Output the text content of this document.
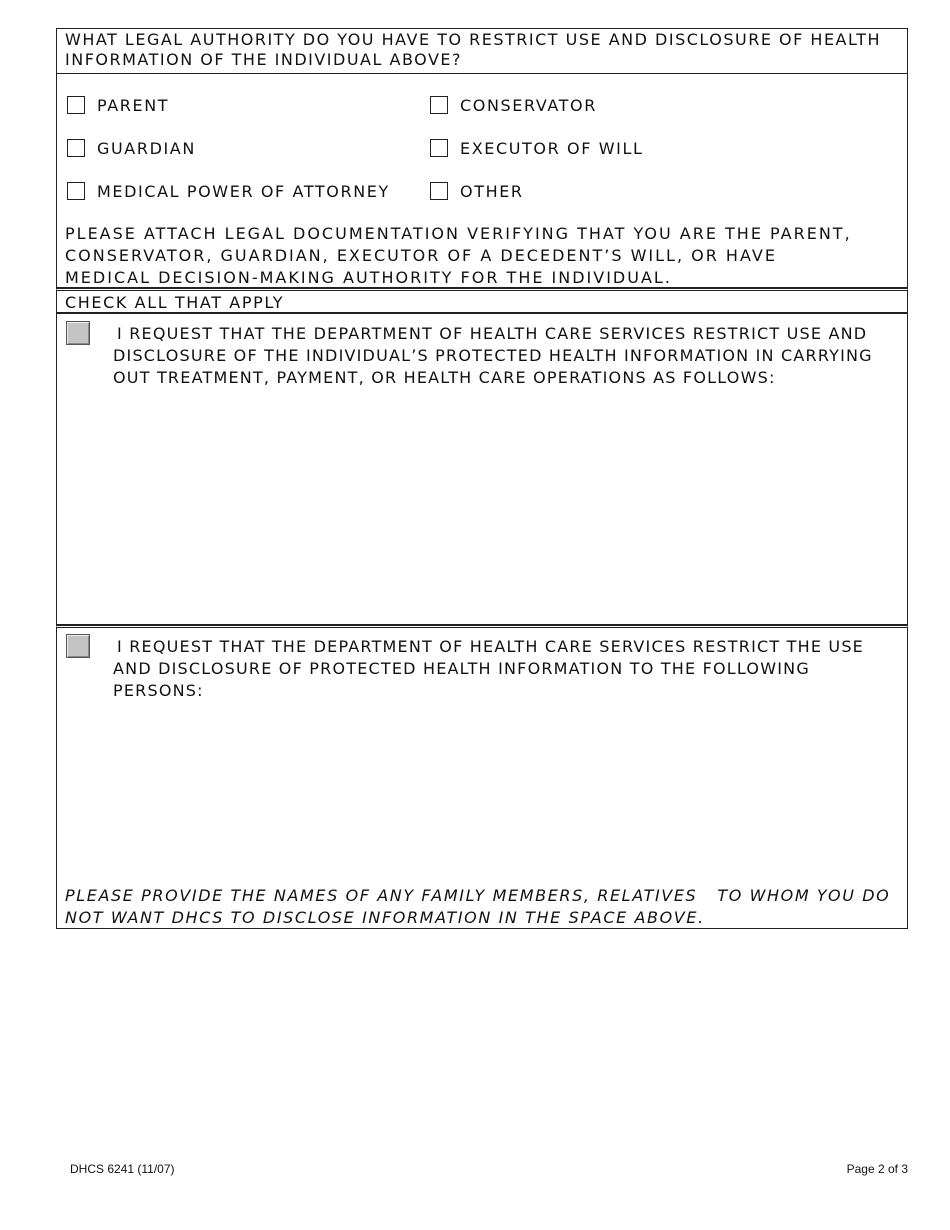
WHAT LEGAL AUTHORITY DO YOU HAVE TO RESTRICT USE AND DISCLOSURE OF HEALTH INFORMATION OF THE INDIVIDUAL ABOVE?
PARENT	CONSERVATOR
GUARDIAN	EXECUTOR OF WILL
MEDICAL POWER OF ATTORNEY	OTHER
PLEASE ATTACH LEGAL DOCUMENTATION VERIFYING THAT YOU ARE THE PARENT, CONSERVATOR, GUARDIAN, EXECUTOR OF A DECEDENT’S WILL, OR HAVE MEDICAL DECISION-MAKING AUTHORITY FOR THE INDIVIDUAL.
CHECK ALL THAT APPLY
I REQUEST THAT THE DEPARTMENT OF HEALTH CARE SERVICES RESTRICT USE AND DISCLOSURE OF THE INDIVIDUAL’S PROTECTED HEALTH INFORMATION IN CARRYING OUT TREATMENT, PAYMENT, OR HEALTH CARE OPERATIONS AS FOLLOWS:
I REQUEST THAT THE DEPARTMENT OF HEALTH CARE SERVICES RESTRICT THE USE AND DISCLOSURE OF PROTECTED HEALTH INFORMATION TO THE FOLLOWING PERSONS:
PLEASE PROVIDE THE NAMES OF ANY FAMILY MEMBERS, RELATIVES   TO WHOM YOU DO NOT WANT DHCS TO DISCLOSE INFORMATION IN THE SPACE ABOVE.
DHCS 6241 (11/07)	Page 2 of 3
